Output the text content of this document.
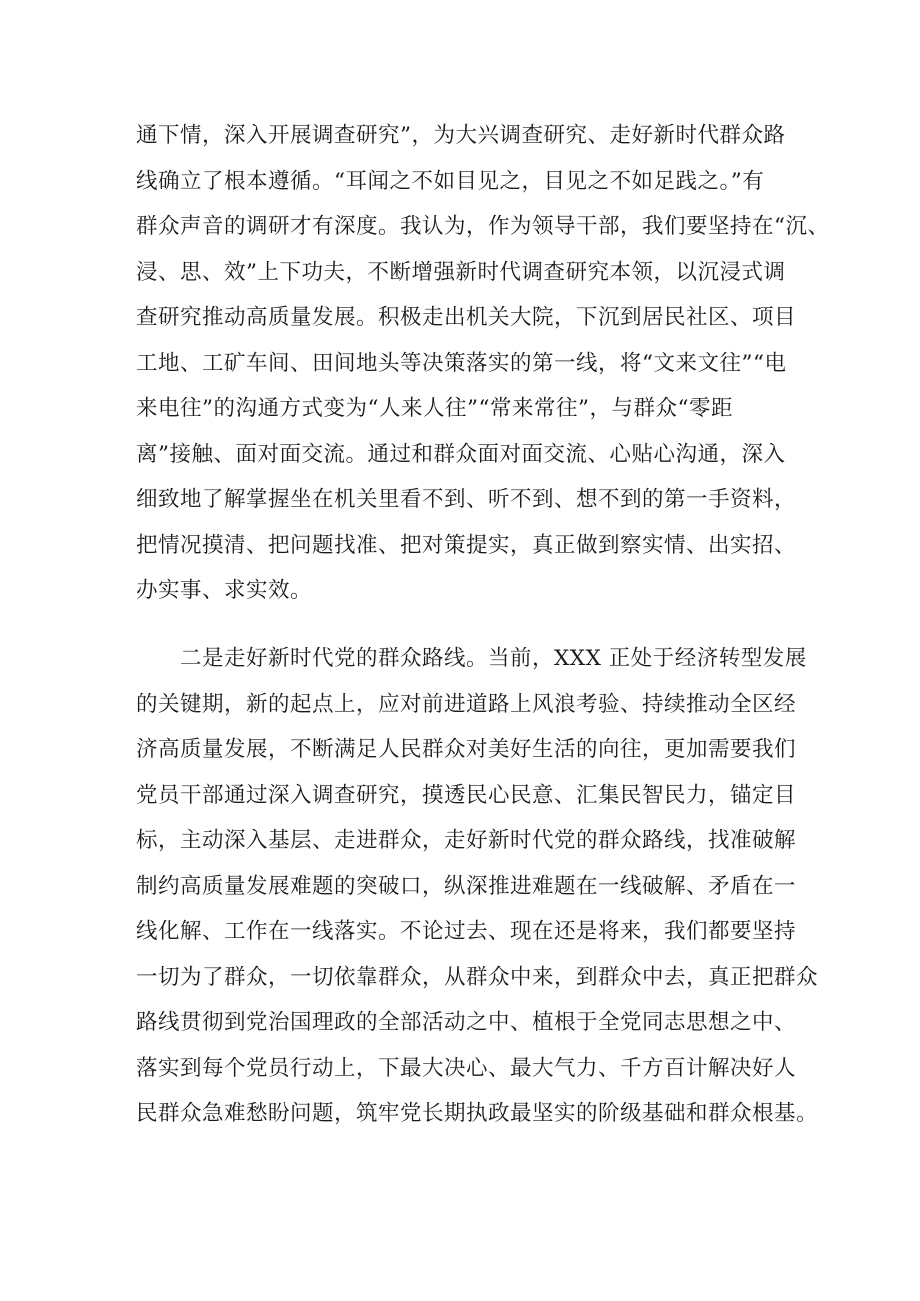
通下情，深入开展调查研究”，为大兴调查研究、走好新时代群众路
线确立了根本遵循。“耳闻之不如目见之，目见之不如足践之。”有
群众声音的调研才有深度。我认为，作为领导干部，我们要坚持在“沉、
浸、思、效”上下功夫，不断增强新时代调查研究本领，以沉浸式调
查研究推动高质量发展。积极走出机关大院，下沉到居民社区、项目
工地、工矿车间、田间地头等决策落实的第一线，将“文来文往”“电
来电往”的沟通方式变为“人来人往”“常来常往”，与群众“零距
离”接触、面对面交流。通过和群众面对面交流、心贴心沟通，深入
细致地了解掌握坐在机关里看不到、听不到、想不到的第一手资料，
把情况摸清、把问题找准、把对策提实，真正做到察实情、出实招、
办实事、求实效。

　　二是走好新时代党的群众路线。当前，XXX 正处于经济转型发展
的关键期，新的起点上，应对前进道路上风浪考验、持续推动全区经
济高质量发展，不断满足人民群众对美好生活的向往，更加需要我们
党员干部通过深入调查研究，摸透民心民意、汇集民智民力，锚定目
标，主动深入基层、走进群众，走好新时代党的群众路线，找准破解
制约高质量发展难题的突破口，纵深推进难题在一线破解、矛盾在一
线化解、工作在一线落实。不论过去、现在还是将来，我们都要坚持
一切为了群众，一切依靠群众，从群众中来，到群众中去，真正把群众
路线贯彻到党治国理政的全部活动之中、植根于全党同志思想之中、
落实到每个党员行动上，下最大决心、最大气力、千方百计解决好人
民群众急难愁盼问题，筑牢党长期执政最坚实的阶级基础和群众根基。
